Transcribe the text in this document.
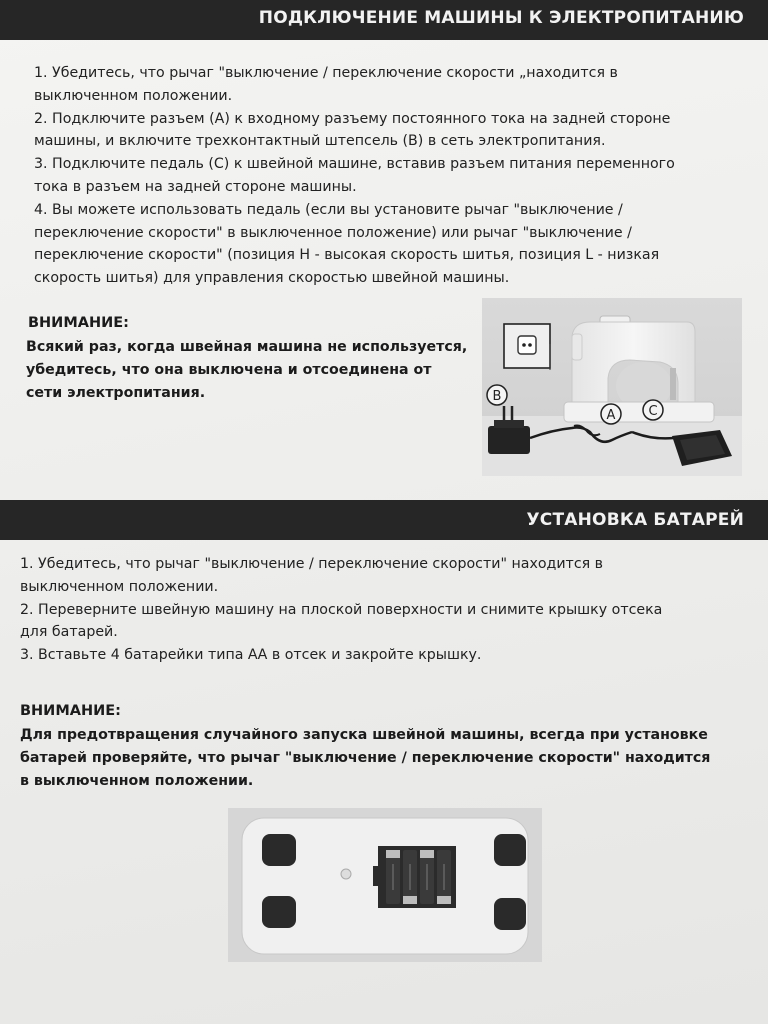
ПОДКЛЮЧЕНИЕ МАШИНЫ К ЭЛЕКТРОПИТАНИЮ

1. Убедитесь, что рычаг "выключение / переключение скорости „находится в

выключенном положении.

2. Подключите разъем (А) к входному разъему постоянного тока на задней стороне

машины, и включите трехконтактный штепсель (В) в сеть электропитания.

3. Подключите педаль (С) к швейной машине, вставив разъем питания переменного

тока в разъем на задней стороне машины.

4. Вы можете использовать педаль (если вы установите рычаг "выключение /

переключение скорости" в выключенное положение) или рычаг "выключение /

переключение скорости" (позиция Н - высокая скорость шитья, позиция L - низкая

скорость шитья) для управления скоростью швейной машины.

ВНИМАНИЕ:

Всякий раз, когда швейная машина не используется,

убедитесь, что она выключена и отсоединена от

сети электропитания.	B
A	C
УСТАНОВКА БАТАРЕЙ

1. Убедитесь, что рычаг "выключение / переключение скорости" находится в

выключенном положении.

2. Переверните швейную машину на плоской поверхности и снимите крышку отсека

для батарей.

3. Вставьте 4 батарейки типа АА в отсек и закройте крышку.

ВНИМАНИЕ:

Для предотвращения случайного запуска швейной машины, всегда при установке

батарей проверяйте, что рычаг "выключение / переключение скорости" находится

в выключенном положении.
